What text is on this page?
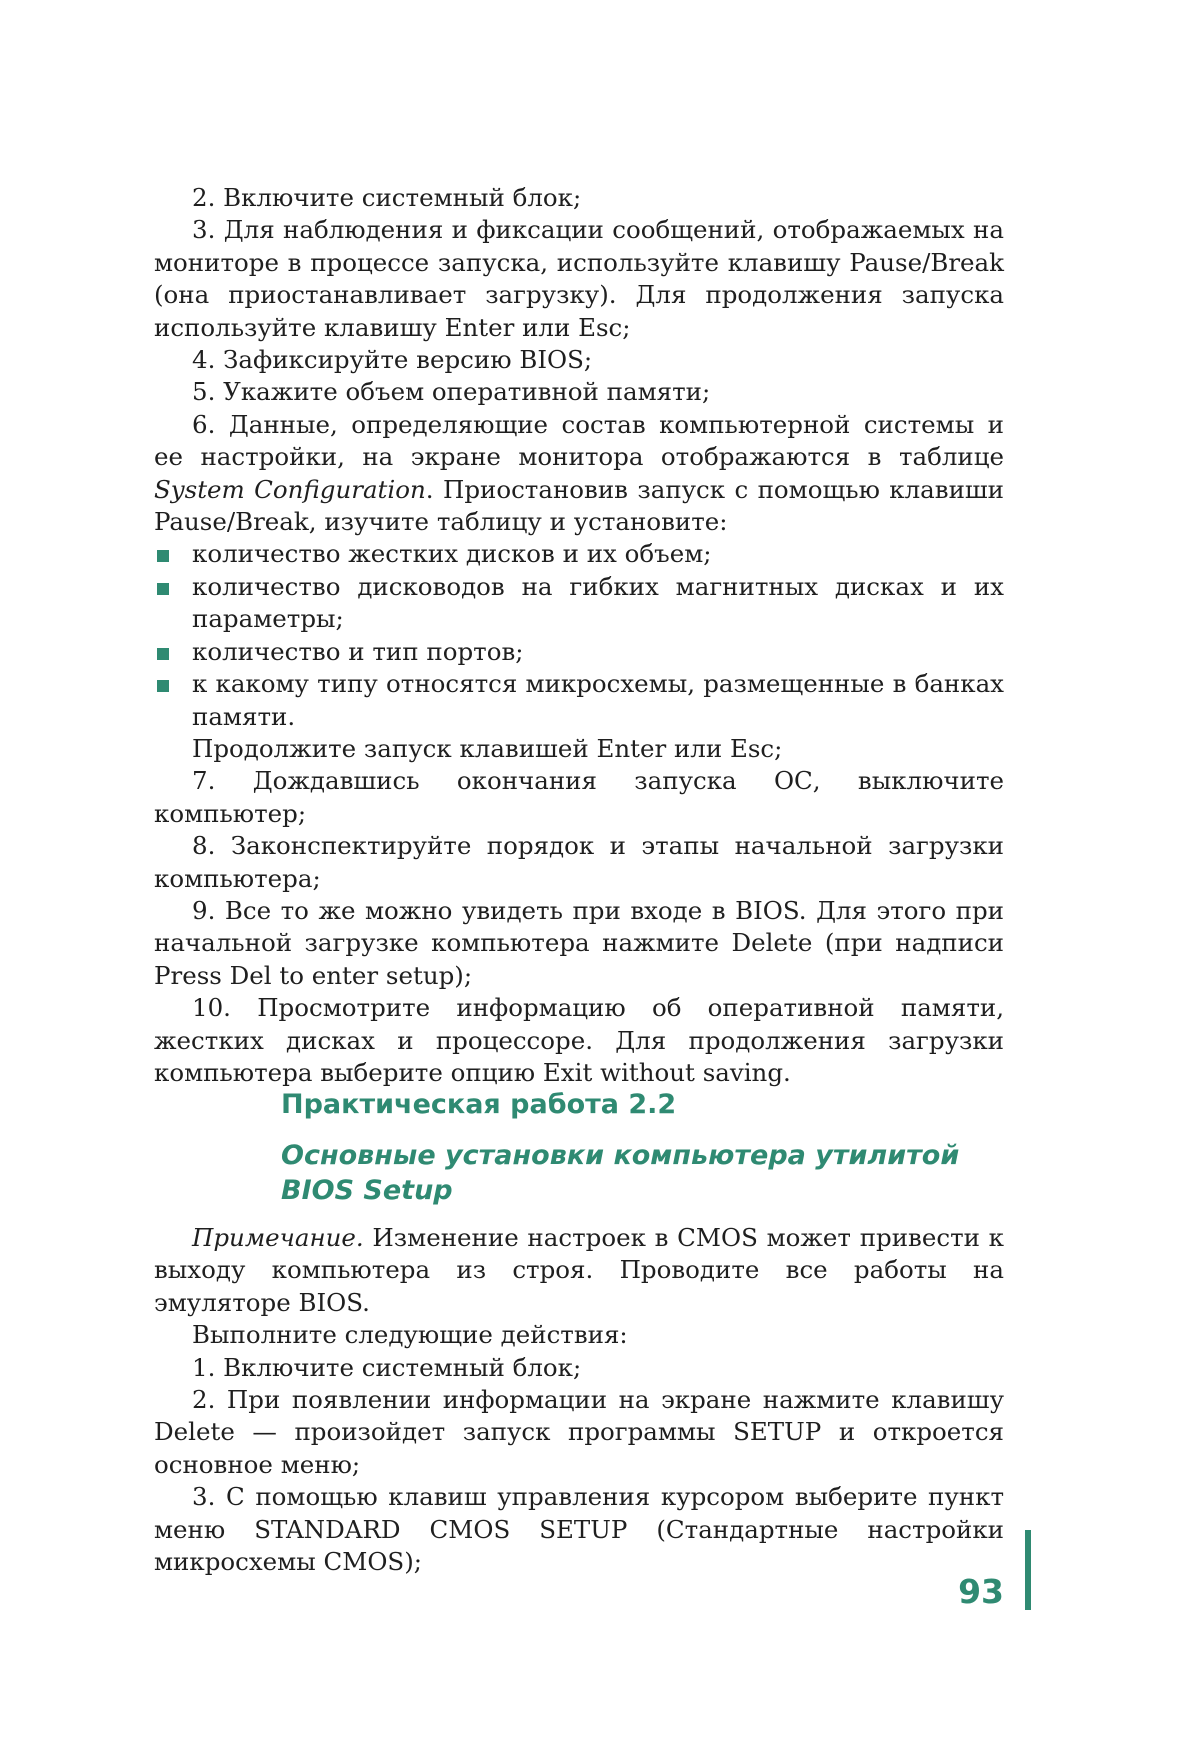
2. Включите системный блок;

3. Для наблюдения и фиксации сообщений, отображаемых на мониторе в процессе запуска, используйте клавишу Pause/Break (она приостанавливает загрузку). Для продолжения запуска используйте клавишу Enter или Esc;

4. Зафиксируйте версию BIOS;

5. Укажите объем оперативной памяти;

6. Данные, определяющие состав компьютерной системы и ее настройки, на экране монитора отображаются в таблице System Configuration. Приостановив запуск с помощью клавиши Pause/Break, изучите таблицу и установите:

количество жестких дисков и их объем;
количество дисководов на гибких магнитных дисках и их параметры;
количество и тип портов;
к какому типу относятся микросхемы, размещенные в банках памяти.

Продолжите запуск клавишей Enter или Esc;

7. Дождавшись окончания запуска ОС, выключите компьютер;

8. Законспектируйте порядок и этапы начальной загрузки компьютера;

9. Все то же можно увидеть при входе в BIOS. Для этого при начальной загрузке компьютера нажмите Delete (при надписи Press Del to enter setup);

10. Просмотрите информацию об оперативной памяти, жестких дисках и процессоре. Для продолжения загрузки компьютера выберите опцию Exit without saving.

Практическая работа 2.2
Основные установки компьютера утилитой
BIOS Setup

Примечание. Изменение настроек в CMOS может привести к выходу компьютера из строя. Проводите все работы на эмуляторе BIOS.

Выполните следующие действия:

1. Включите системный блок;

2. При появлении информации на экране нажмите клавишу Delete — произойдет запуск программы SETUP и откроется основное меню;

3. С помощью клавиш управления курсором выберите пункт меню STANDARD CMOS SETUP (Стандартные настройки микросхемы CMOS);

93
